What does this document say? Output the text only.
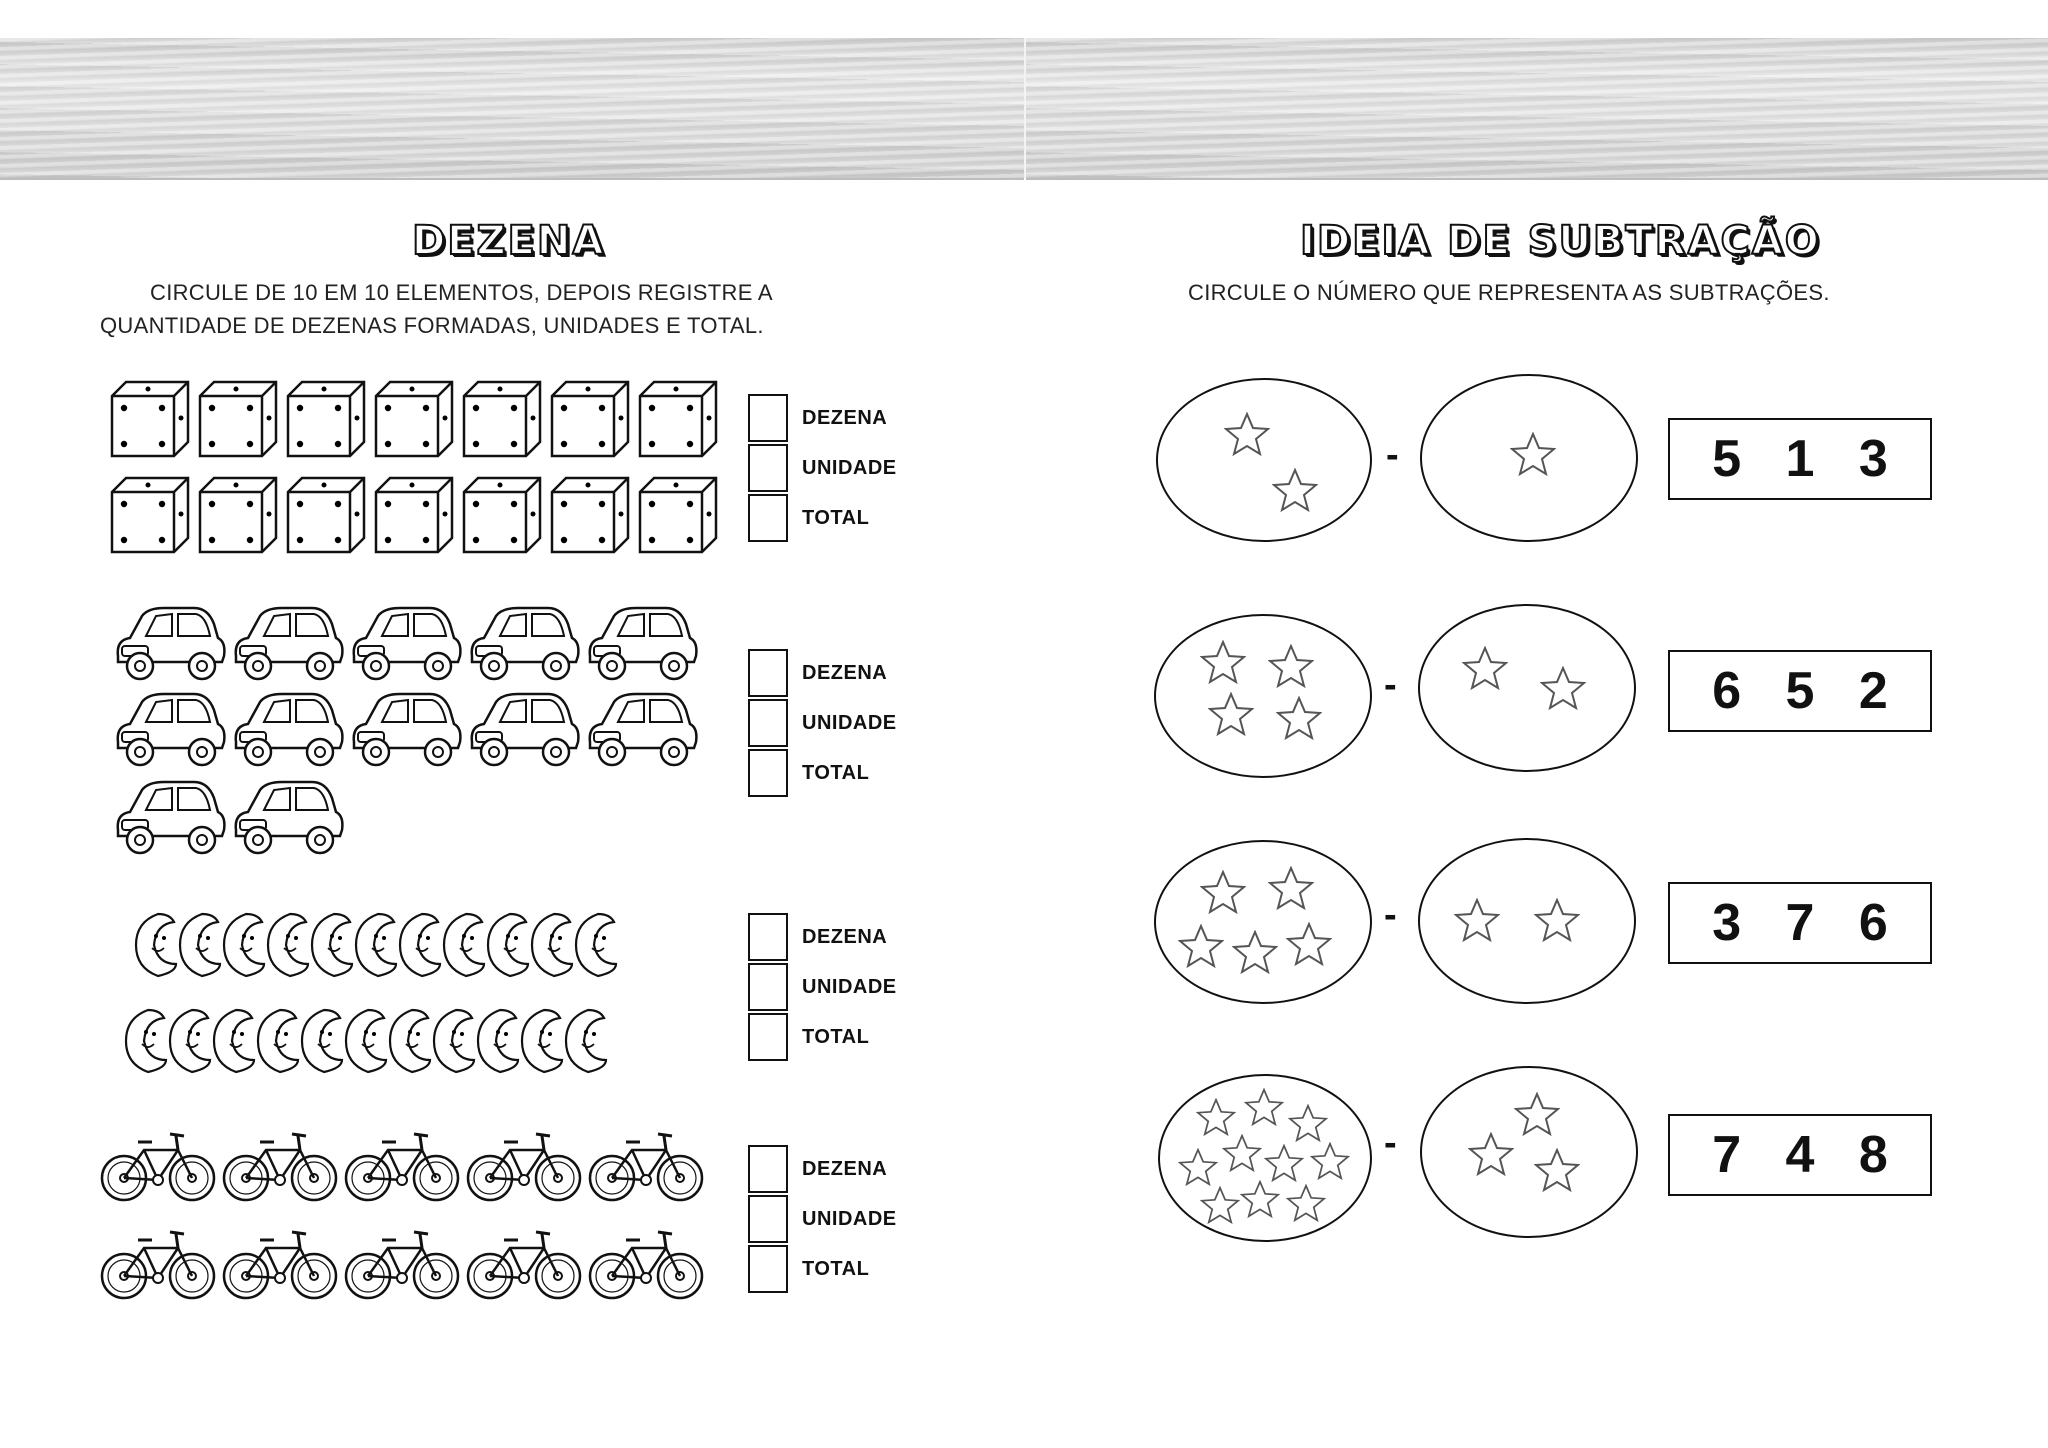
DEZENA
CIRCULE DE 10 EM 10 ELEMENTOS, DEPOIS REGISTRE A
QUANTIDADE DE DEZENAS FORMADAS, UNIDADES E TOTAL.
DEZENA
UNIDADE
TOTAL
DEZENA
UNIDADE
TOTAL
DEZENA
UNIDADE
TOTAL
DEZENA
UNIDADE
TOTAL
IDEIA DE SUBTRAÇÃO
CIRCULE O NÚMERO QUE REPRESENTA AS SUBTRAÇÕES.
-	5 1 3
-	6 5 2
-	3 7 6
-	7 4 8
